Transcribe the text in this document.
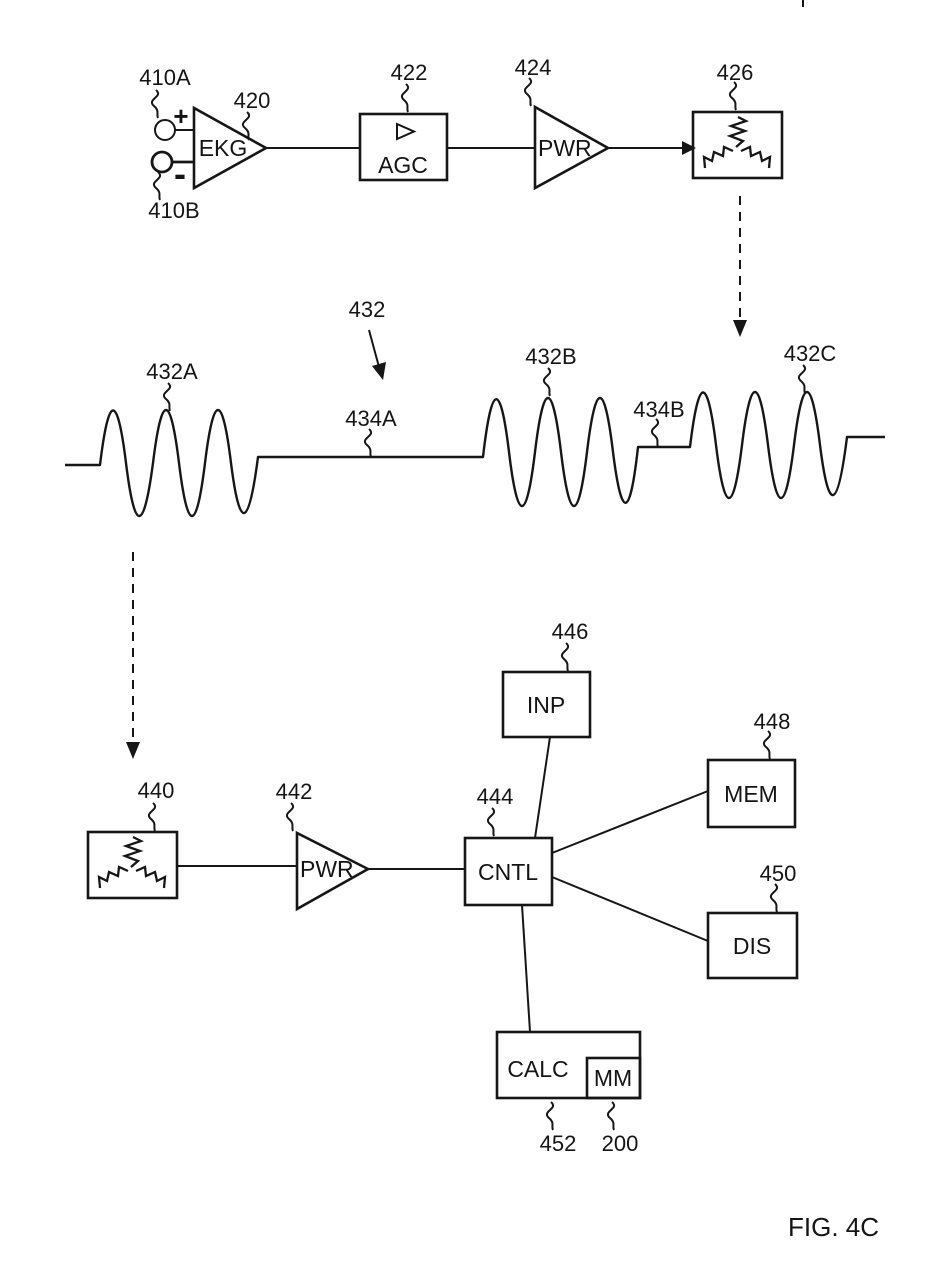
+
-
410A
410B
EKG
420
AGC
422
PWR
424	426
432
432A
434A
432B
434B
432C
440
PWR
442
CNTL
444
INP
446
MEM
448
DIS
450
CALC MM
452 200
FIG. 4C
